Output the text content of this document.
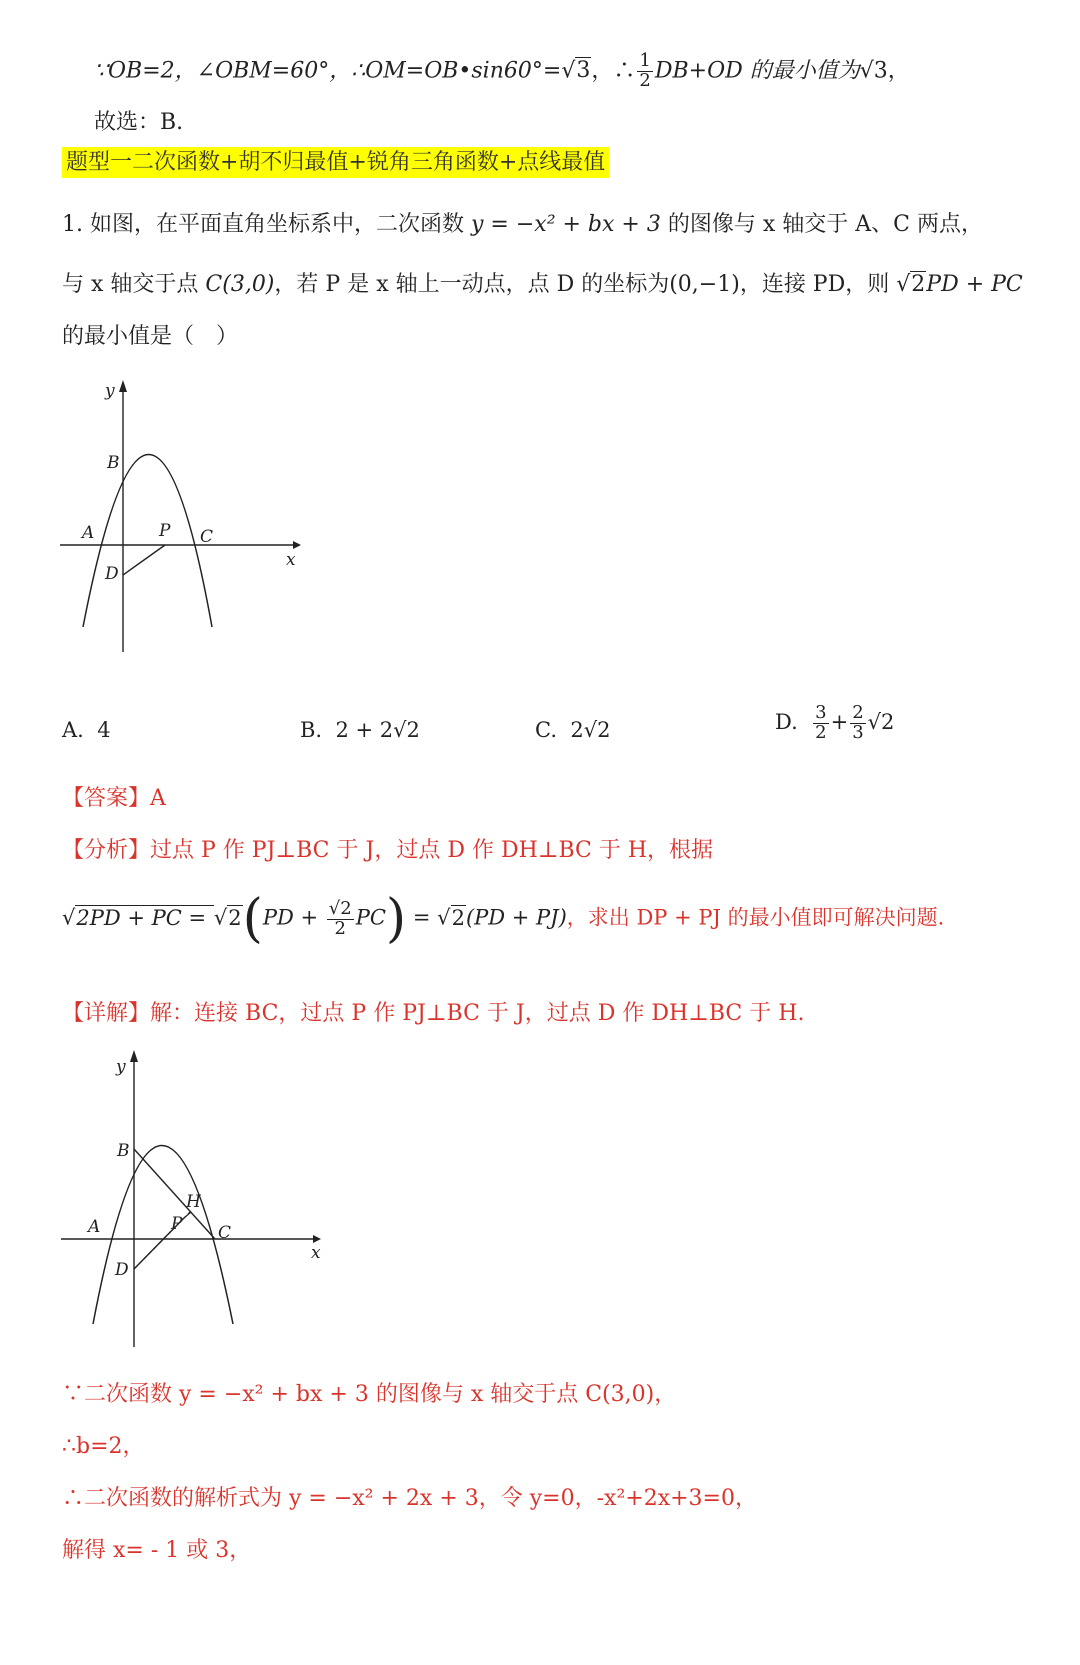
∵OB=2，∠OBM=60°，∴OM=OB•sin60°=√3，∴ $\frac{1}{2} DB+OD$ 的最小值为√3，
故选：B.
题型一二次函数+胡不归最值+锐角三角函数+点线最值
1. 如图，在平面直角坐标系中，二次函数 y = −x² + bx + 3 的图像与 x 轴交于 A、C 两点，
与 x 轴交于点 C(3,0)，若 P 是 x 轴上一动点，点 D 的坐标为(0,−1)，连接 PD，则 √2PD + PC
的最小值是（　）
y
x
B
A	P C
D
A. 4	B. 2 + 2√2	C. 2√2	D. $\frac{3}{2} + \frac{2}{3} √2$
【答案】A
【分析】过点 P 作 PJ⊥BC 于 J，过点 D 作 DH⊥BC 于 H，根据
√2PD + PC = $√2(PD + \frac{√2}{2} PC) = √2(PD + PJ)$，求出 DP + PJ 的最小值即可解决问题.
【详解】解：连接 BC，过点 P 作 PJ⊥BC 于 J，过点 D 作 DH⊥BC 于 H.
y
x
B
H
A	P C
D
∵二次函数 y = −x² + bx + 3 的图像与 x 轴交于点 C(3,0)，
∴b=2，
∴二次函数的解析式为 y = −x² + 2x + 3，令 y=0，-x²+2x+3=0，
解得 x= - 1 或 3，
